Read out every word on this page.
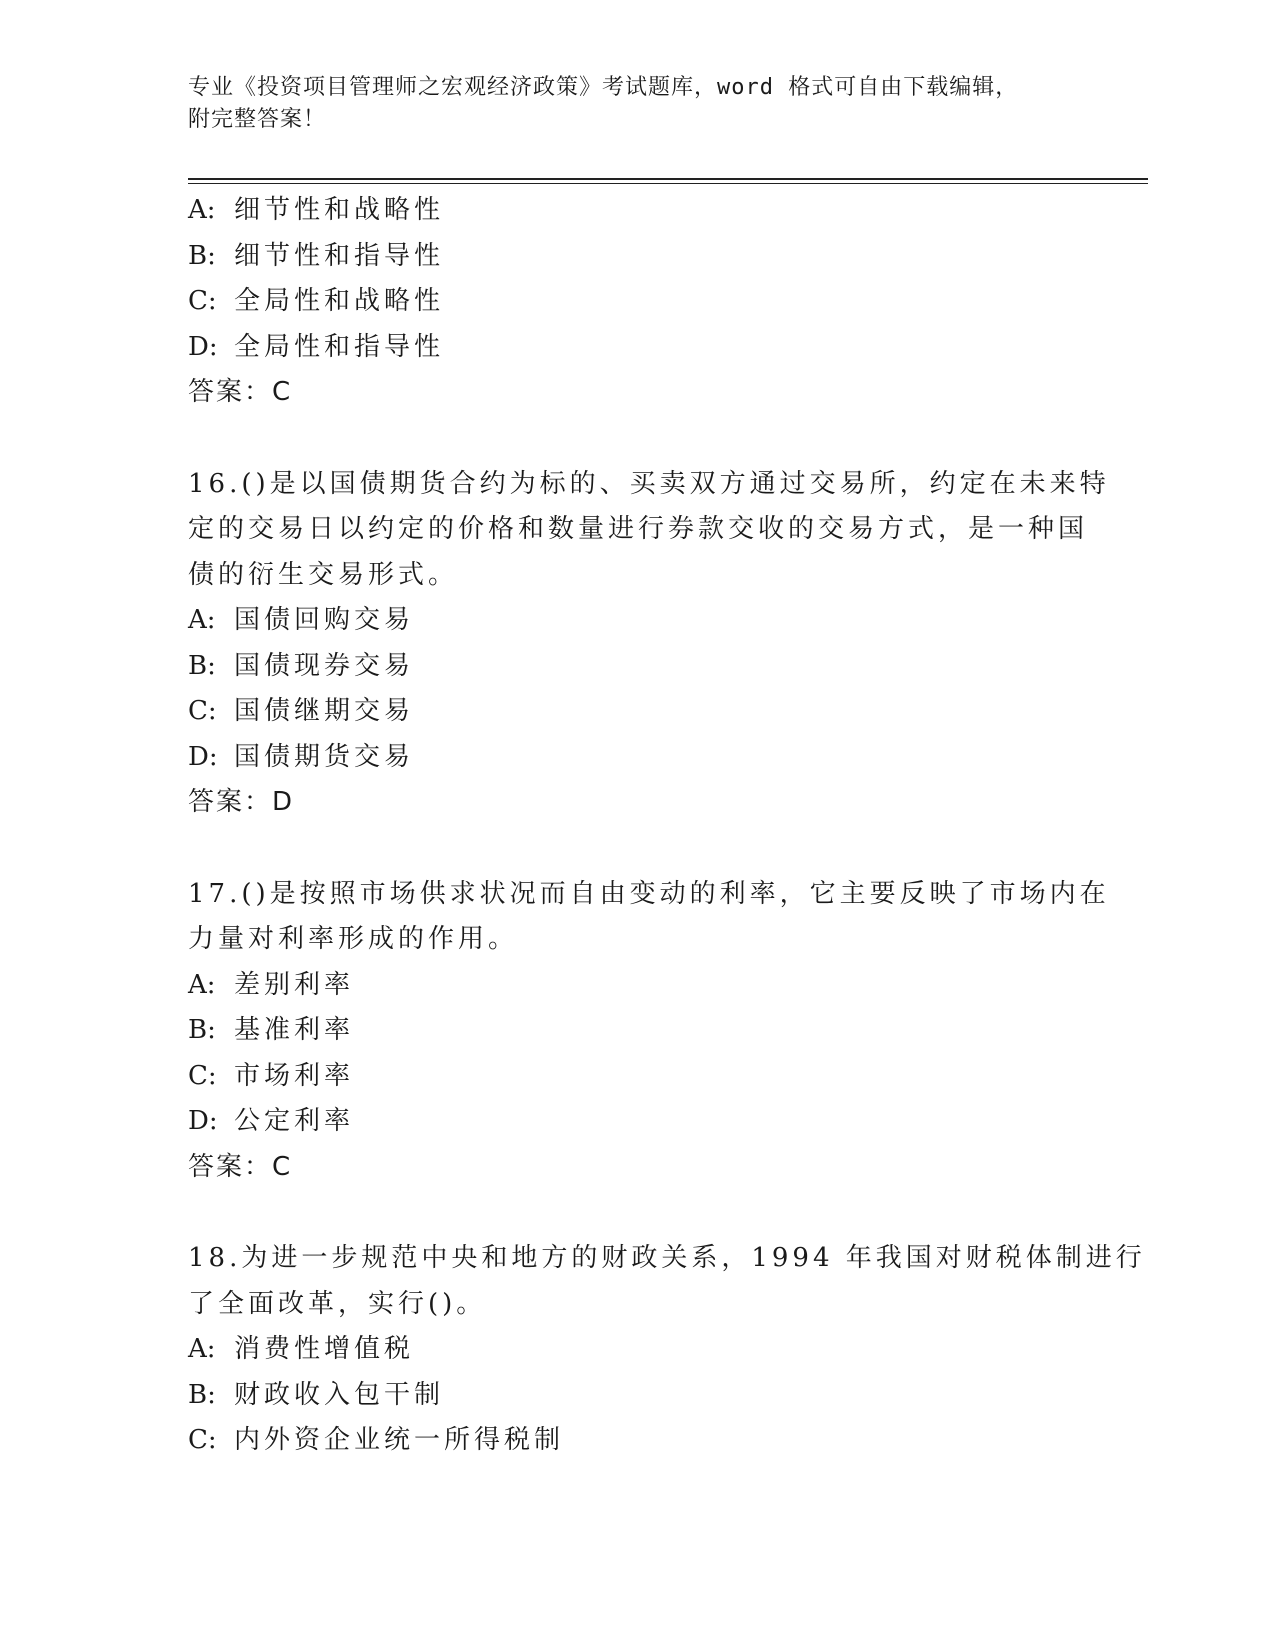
专业《投资项目管理师之宏观经济政策》考试题库，word 格式可自由下载编辑，
附完整答案！
A: 细节性和战略性
B: 细节性和指导性
C: 全局性和战略性
D: 全局性和指导性
答案：C
16.()是以国债期货合约为标的、买卖双方通过交易所，约定在未来特
定的交易日以约定的价格和数量进行券款交收的交易方式，是一种国
债的衍生交易形式。
A: 国债回购交易
B: 国债现券交易
C: 国债继期交易
D: 国债期货交易
答案：D
17.()是按照市场供求状况而自由变动的利率，它主要反映了市场内在
力量对利率形成的作用。
A: 差别利率
B: 基准利率
C: 市场利率
D: 公定利率
答案：C
18.为进一步规范中央和地方的财政关系，1994 年我国对财税体制进行
了全面改革，实行()。
A: 消费性增值税
B: 财政收入包干制
C: 内外资企业统一所得税制
